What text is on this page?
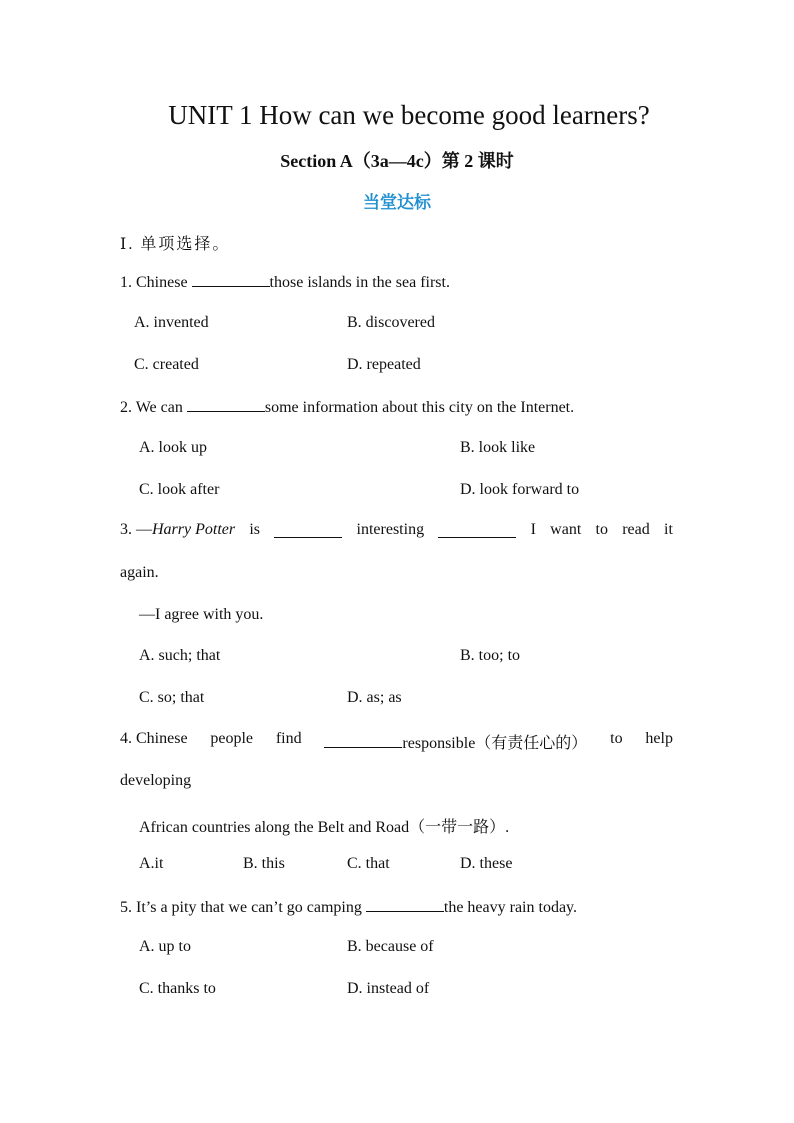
UNIT 1 How can we become good learners?
Section A（3a—4c）第 2 课时
当堂达标
Ⅰ. 单项选择。
1. Chinese	those islands in the sea first.
A. invented	B. discovered
C. created	D. repeated
2. We can	some information about this city on the Internet.
A. look up	B. look like
C. look after	D. look forward to
3. —Harry Potter is	interesting	I want to read it
again.
—I agree with you.
A. such; that	B. too; to
C. so; that	D. as; as
4. Chinese people find	responsible（有责任心的） to help
developing
African countries along the Belt and Road（一带一路）.
A.it	B. this	C. that	D. these
5. It’s a pity that we can’t go camping	the heavy rain today.
A. up to	B. because of
C. thanks to	D. instead of
